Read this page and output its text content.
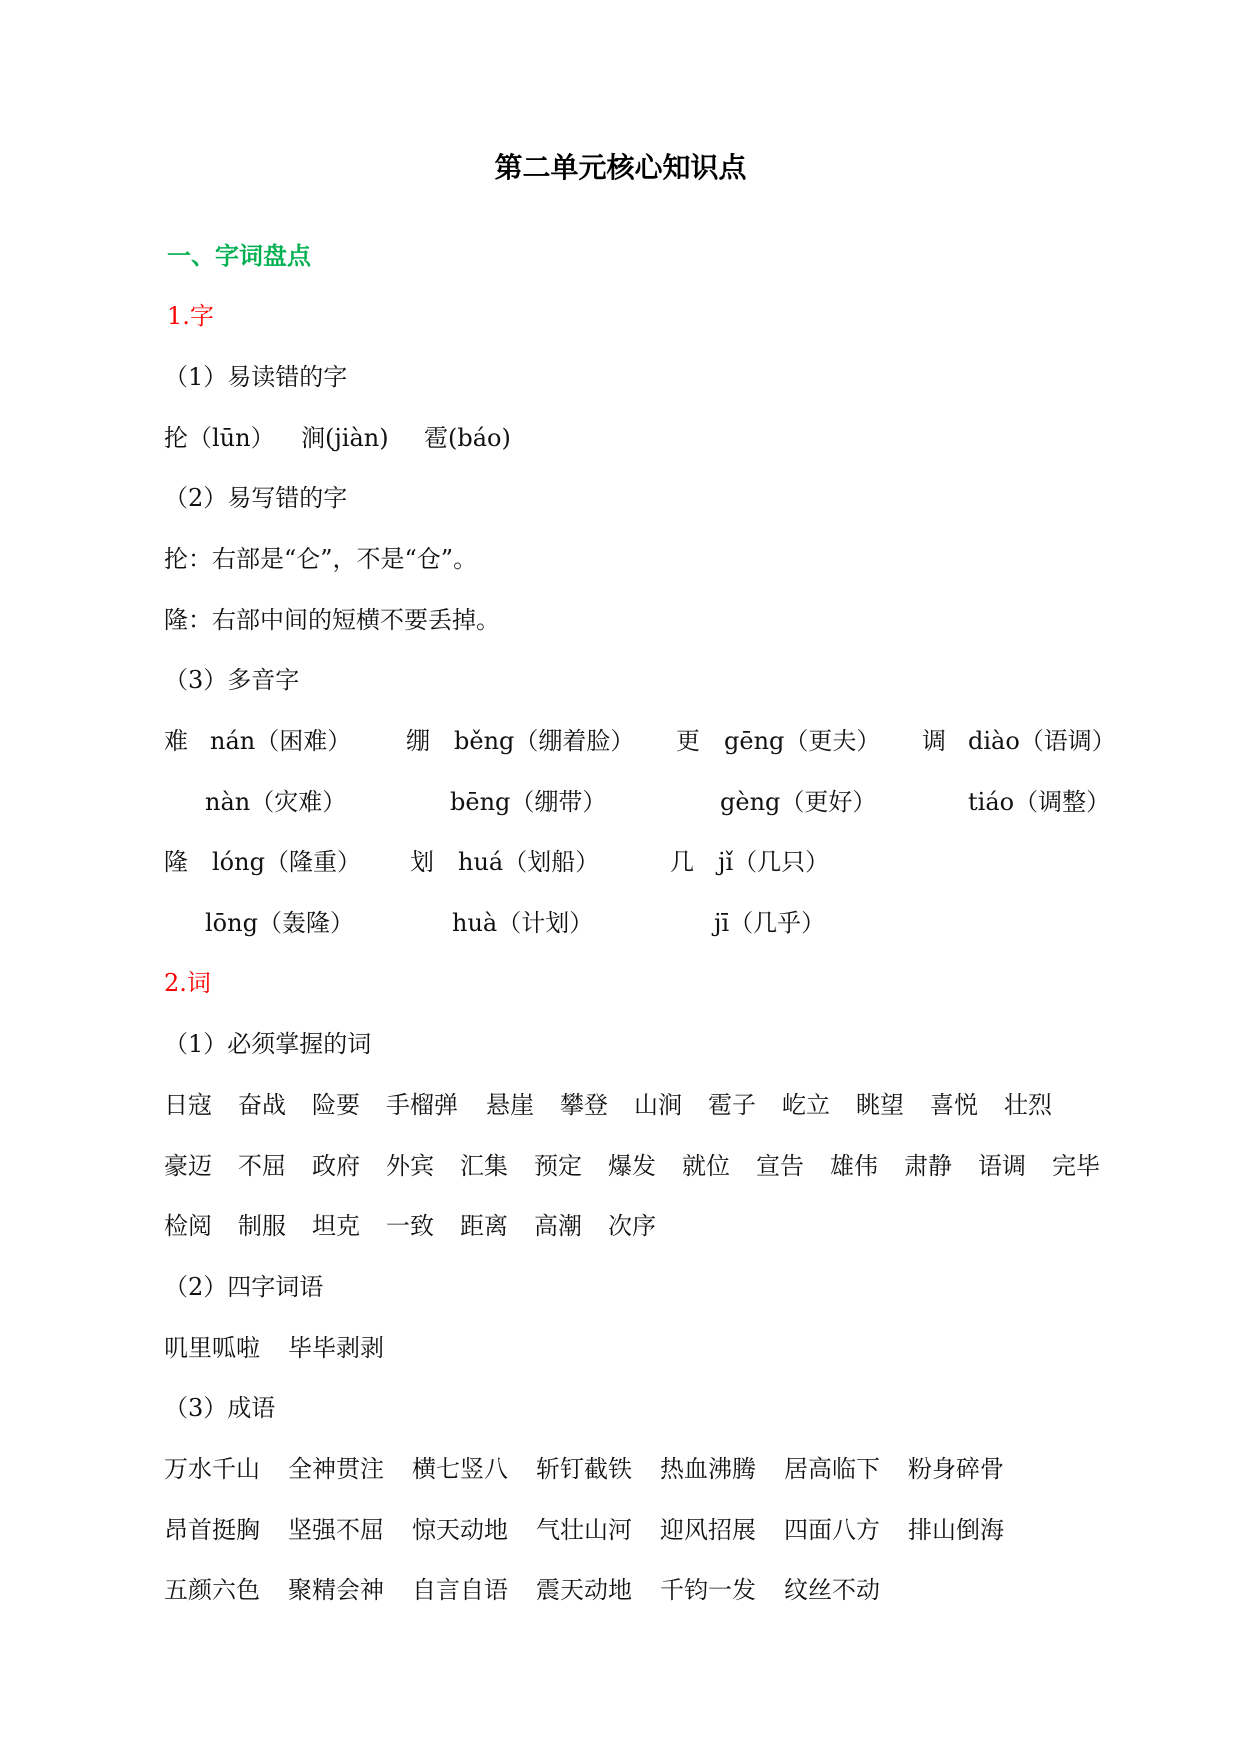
第二单元核心知识点
一、字词盘点
1.字
（1）易读错的字
抡（lūn） 涧(jiàn) 雹(báo)
（2）易写错的字
抡：右部是“仑”，不是“仓”。
隆：右部中间的短横不要丢掉。
（3）多音字
难 nán（困难） 绷 běng（绷着脸） 更 gēng（更夫） 调 diào（语调）
nàn（灾难）	bēng（绷带）	gèng（更好）	tiáo（调整）
隆 lóng（隆重） 划 huá（划船）	几 jǐ（几只）
lōng（轰隆）	huà（计划）	jī（几乎）
2.词
（1）必须掌握的词
日寇	奋战	险要	手榴弹	悬崖	攀登	山涧	雹子	屹立	眺望	喜悦	壮烈
豪迈	不屈	政府	外宾	汇集	预定	爆发	就位	宣告	雄伟	肃静	语调	完毕
检阅	制服	坦克	一致	距离	高潮	次序
（2）四字词语
叽里呱啦	毕毕剥剥
（3）成语
万水千山	全神贯注	横七竖八	斩钉截铁	热血沸腾	居高临下	粉身碎骨
昂首挺胸	坚强不屈	惊天动地	气壮山河	迎风招展	四面八方	排山倒海
五颜六色	聚精会神	自言自语	震天动地	千钧一发	纹丝不动
